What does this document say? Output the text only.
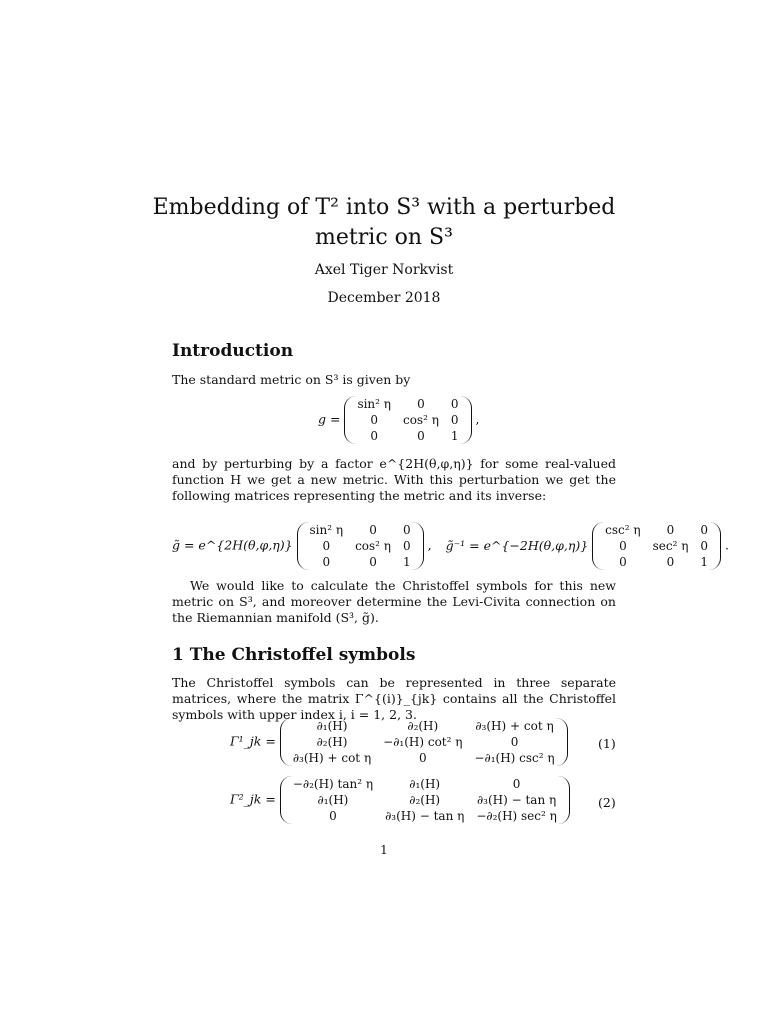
Embedding of T² into S³ with a perturbed
metric on S³
Axel Tiger Norkvist
December 2018
Introduction
The standard metric on S³ is given by
g =
sin² η	0	0
0	cos² η	0
0	0	1
,
and by perturbing by a factor e^{2H(θ,φ,η)} for some real-valued function H we get a new metric. With this perturbation we get the following matrices representing the metric and its inverse:
g̃ = e^{2H(θ,φ,η)}
sin² η	0	0
0	cos² η	0
0	0	1
, g̃⁻¹ = e^{−2H(θ,φ,η)}
csc² η	0	0
0	sec² η	0
0	0	1
.
We would like to calculate the Christoffel symbols for this new metric on S³, and moreover determine the Levi-Civita connection on the Riemannian manifold (S³, g̃).
1 The Christoffel symbols
The Christoffel symbols can be represented in three separate matrices, where the matrix Γ^{(i)}_{jk} contains all the Christoffel symbols with upper index i, i = 1, 2, 3.
Γ¹_jk =
∂₁(H)	∂₂(H)	∂₃(H) + cot η
∂₂(H)	−∂₁(H) cot² η	0
∂₃(H) + cot η	0	−∂₁(H) csc² η
(1)
Γ²_jk =
−∂₂(H) tan² η	∂₁(H)	0
∂₁(H)	∂₂(H)	∂₃(H) − tan η
0	∂₃(H) − tan η	−∂₂(H) sec² η
(2)
1
